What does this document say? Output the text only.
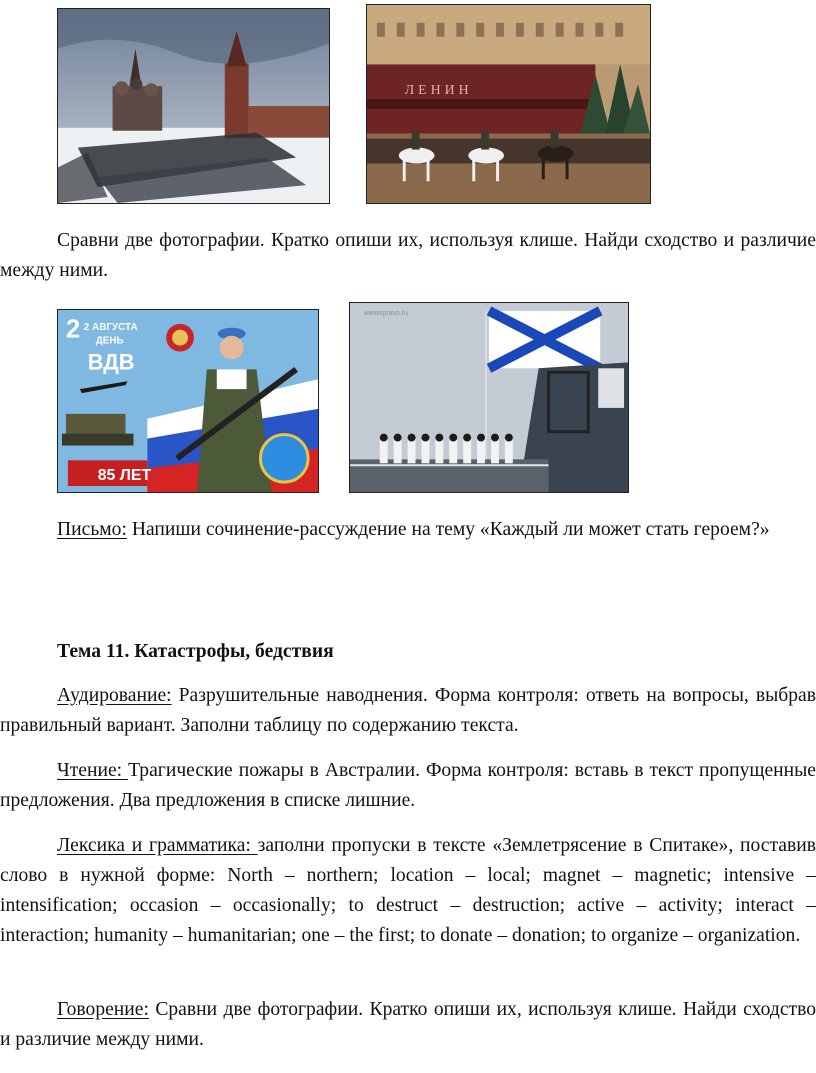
ЛЕНИН

Сравни две фотографии. Кратко опиши их, используя клише. Найди сходство и различие между ними.

2 2 АВГУСТА
ДЕНЬ
ВДВ
85 ЛЕТ
wwwvpravo.ru

Письмо: Напиши сочинение-рассуждение на тему «Каждый ли может стать героем?»

Тема 11. Катастрофы, бедствия

Аудирование: Разрушительные наводнения. Форма контроля: ответь на вопросы, выбрав правильный вариант. Заполни таблицу по содержанию текста.

Чтение: Трагические пожары в Австралии. Форма контроля: вставь в текст пропущенные предложения. Два предложения в списке лишние.

Лексика и грамматика: заполни пропуски в тексте «Землетрясение в Спитаке», поставив слово в нужной форме: North – northern; location – local; magnet – magnetic; intensive – intensification; occasion – occasionally; to destruct – destruction; active – activity; interact – interaction; humanity – humanitarian; one – the first; to donate – donation; to organize – organization.

Говорение: Сравни две фотографии. Кратко опиши их, используя клише. Найди сходство и различие между ними.
